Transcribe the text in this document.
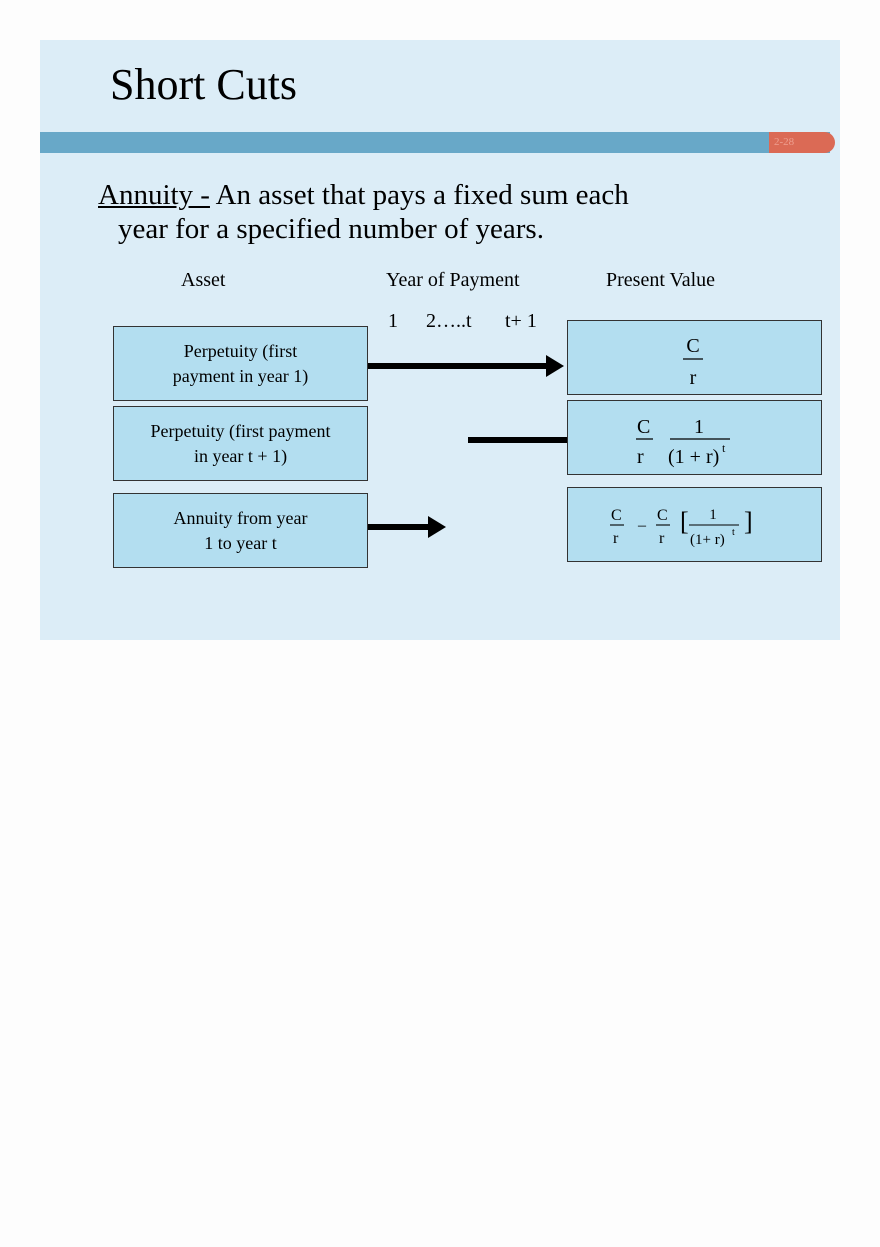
Short Cuts
2-28
Annuity - An asset that pays a fixed sum each
year for a specified number of years.
Asset	Year of Payment	Present Value
1 2…..t t+ 1
Perpetuity (first
payment in year 1)
Perpetuity (first payment
in year t + 1)
Annuity from year
1 to year t
C
r
C
r
1
(1 + r) t
C
r
–
C
r
1
(1+ r) t ]
[
